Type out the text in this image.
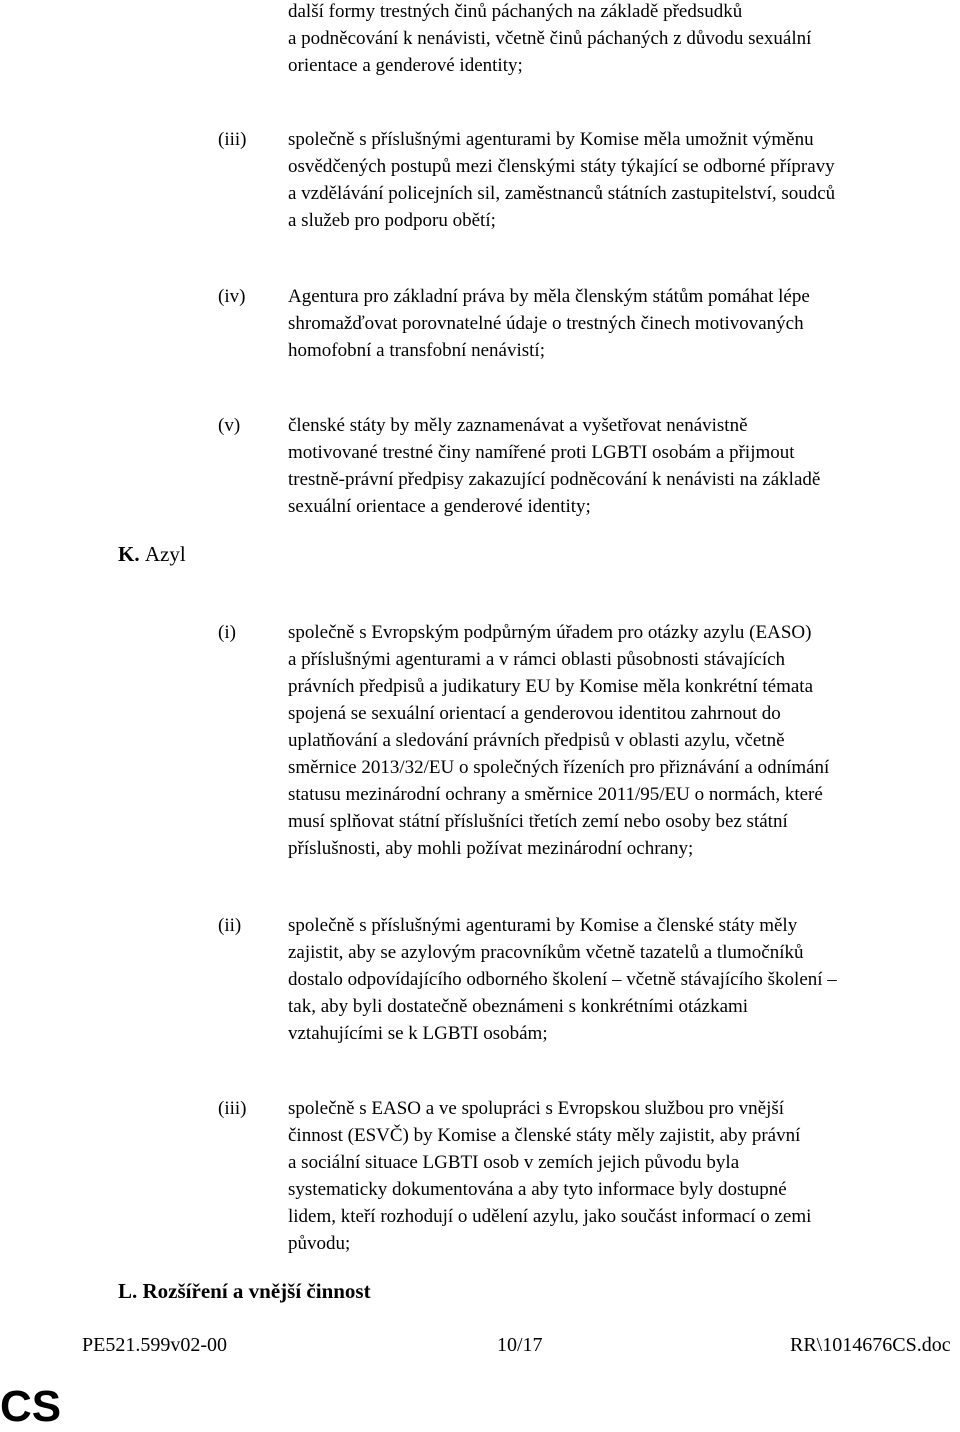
další formy trestných činů páchaných na základě předsudků
a podněcování k nenávisti, včetně činů páchaných z důvodu sexuální
orientace a genderové identity;
(iii) společně s příslušnými agenturami by Komise měla umožnit výměnu
osvědčených postupů mezi členskými státy týkající se odborné přípravy
a vzdělávání policejních sil, zaměstnanců státních zastupitelství, soudců
a služeb pro podporu obětí;
(iv) Agentura pro základní práva by měla členským státům pomáhat lépe
shromažďovat porovnatelné údaje o trestných činech motivovaných
homofobní a transfobní nenávistí;
(v)	členské státy by měly zaznamenávat a vyšetřovat nenávistně
motivované trestné činy namířené proti LGBTI osobám a přijmout
trestně-právní předpisy zakazující podněcování k nenávisti na základě
sexuální orientace a genderové identity;
K. Azyl
(i)	společně s Evropským podpůrným úřadem pro otázky azylu (EASO)
a příslušnými agenturami a v rámci oblasti působnosti stávajících
právních předpisů a judikatury EU by Komise měla konkrétní témata
spojená se sexuální orientací a genderovou identitou zahrnout do
uplatňování a sledování právních předpisů v oblasti azylu, včetně
směrnice 2013/32/EU o společných řízeních pro přiznávání a odnímání
statusu mezinárodní ochrany a směrnice 2011/95/EU o normách, které
musí splňovat státní příslušníci třetích zemí nebo osoby bez státní
příslušnosti, aby mohli požívat mezinárodní ochrany;
(ii) společně s příslušnými agenturami by Komise a členské státy měly
zajistit, aby se azylovým pracovníkům včetně tazatelů a tlumočníků
dostalo odpovídajícího odborného školení – včetně stávajícího školení –
tak, aby byli dostatečně obeznámeni s konkrétními otázkami
vztahujícími se k LGBTI osobám;
(iii) společně s EASO a ve spolupráci s Evropskou službou pro vnější
činnost (ESVČ) by Komise a členské státy měly zajistit, aby právní
a sociální situace LGBTI osob v zemích jejich původu byla
systematicky dokumentována a aby tyto informace byly dostupné
lidem, kteří rozhodují o udělení azylu, jako součást informací o zemi
původu;
L. Rozšíření a vnější činnost
PE521.599v02-00	10/17	RR\1014676CS.doc
CS
